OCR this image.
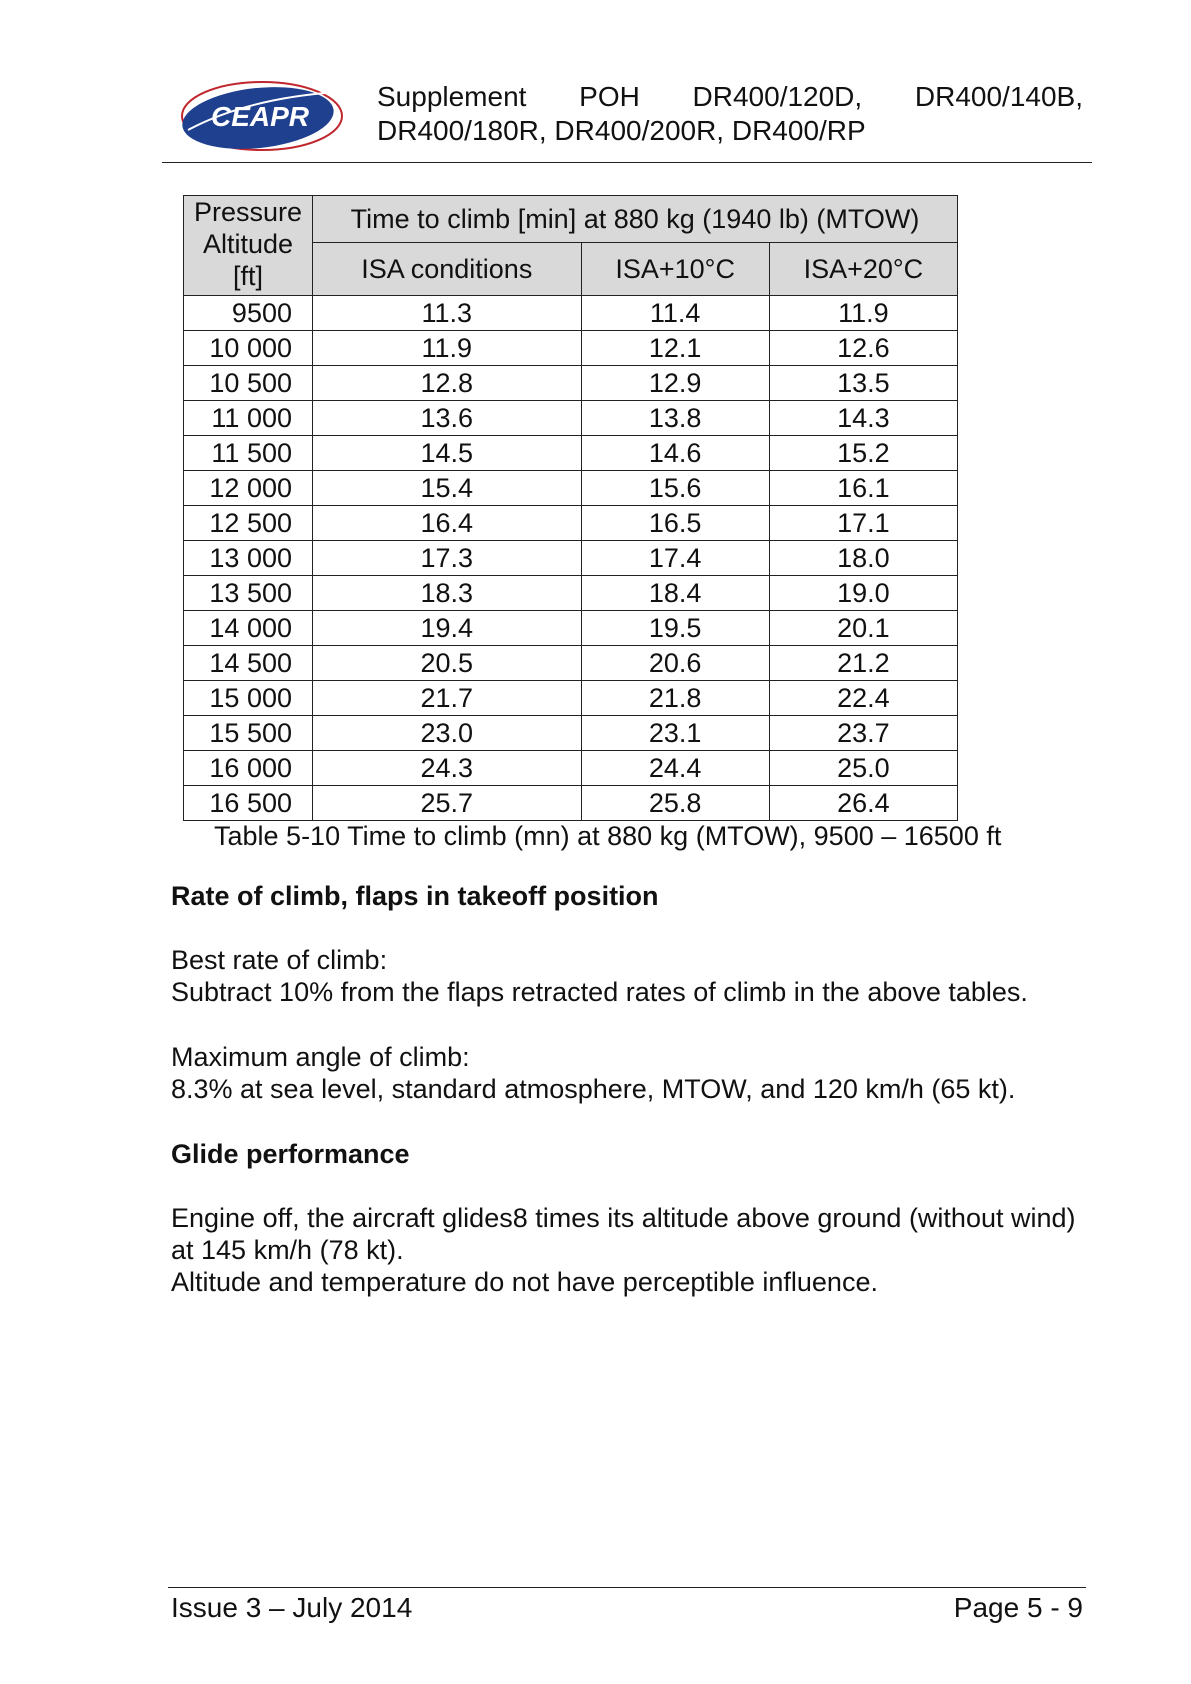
CEAPR
Supplement POH DR400/120D, DR400/140B,
DR400/180R, DR400/200R, DR400/RP
Pressure
Altitude
[ft]	Time to climb [min] at 880 kg (1940 lb) (MTOW)		
	ISA conditions	ISA+10°C	ISA+20°C
9500	11.3	11.4	11.9
10 000	11.9	12.1	12.6
10 500	12.8	12.9	13.5
11 000	13.6	13.8	14.3
11 500	14.5	14.6	15.2
12 000	15.4	15.6	16.1
12 500	16.4	16.5	17.1
13 000	17.3	17.4	18.0
13 500	18.3	18.4	19.0
14 000	19.4	19.5	20.1
14 500	20.5	20.6	21.2
15 000	21.7	21.8	22.4
15 500	23.0	23.1	23.7
16 000	24.3	24.4	25.0
16 500	25.7	25.8	26.4
Table 5-10 Time to climb (mn) at 880 kg (MTOW), 9500 – 16500 ft
Rate of climb, flaps in takeoff position

Best rate of climb:
Subtract 10% from the flaps retracted rates of climb in the above tables.

Maximum angle of climb:
8.3% at sea level, standard atmosphere, MTOW, and 120 km/h (65 kt).

Glide performance

Engine off, the aircraft glides8 times its altitude above ground (without wind) at 145 km/h (78 kt).
Altitude and temperature do not have perceptible influence.

Issue 3 – July 2014	Page 5 - 9
